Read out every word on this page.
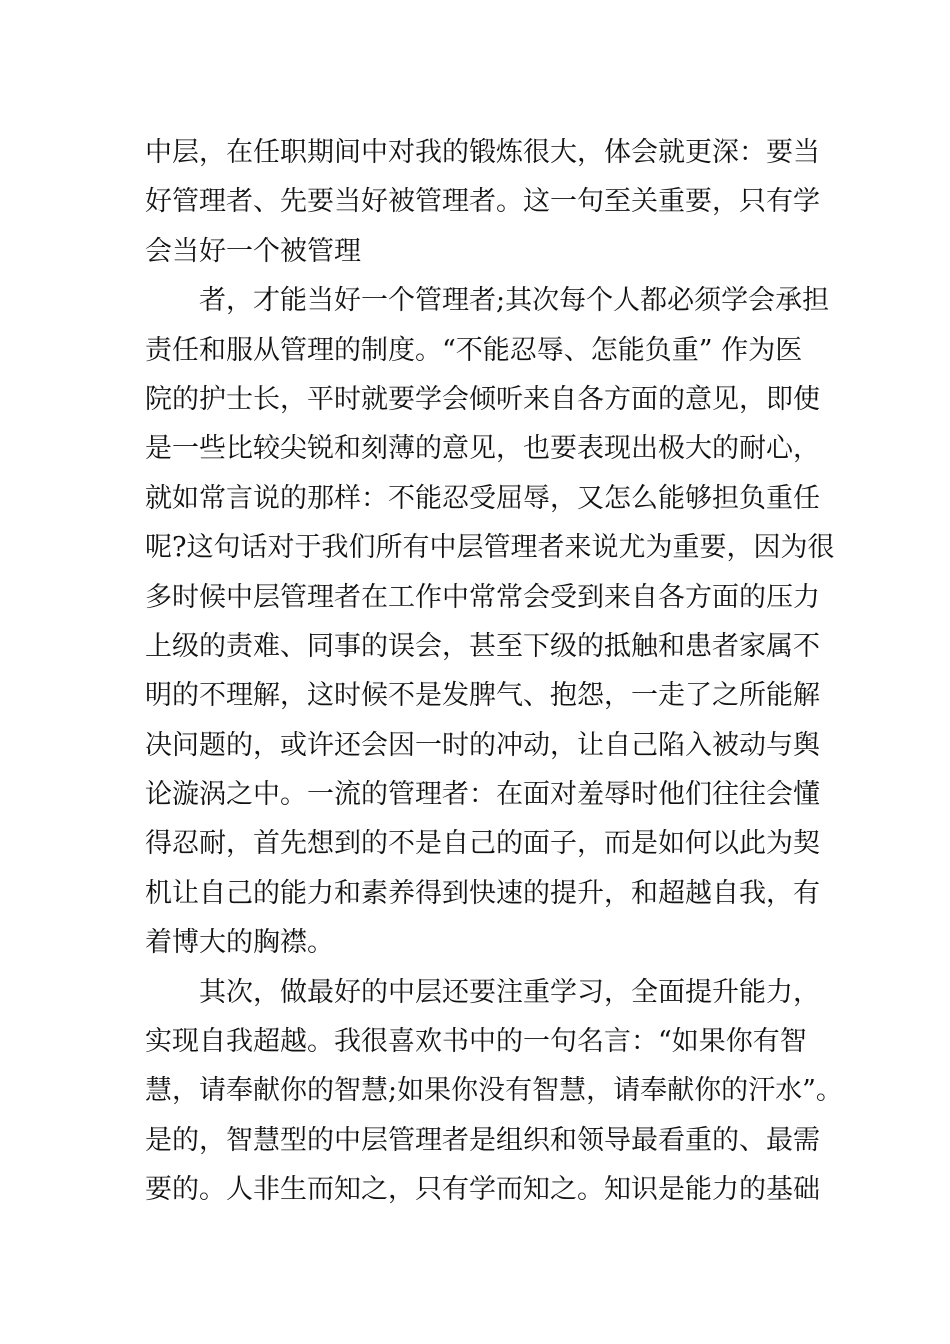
中层，在任职期间中对我的锻炼很大，体会就更深：要当
好管理者、先要当好被管理者。这一句至关重要，只有学
会当好一个被管理
者，才能当好一个管理者;其次每个人都必须学会承担
责任和服从管理的制度。“不能忍辱、怎能负重” 作为医
院的护士长，平时就要学会倾听来自各方面的意见，即使
是一些比较尖锐和刻薄的意见，也要表现出极大的耐心，
就如常言说的那样：不能忍受屈辱，又怎么能够担负重任
呢?这句话对于我们所有中层管理者来说尤为重要，因为很
多时候中层管理者在工作中常常会受到来自各方面的压力
上级的责难、同事的误会，甚至下级的抵触和患者家属不
明的不理解，这时候不是发脾气、抱怨，一走了之所能解
决问题的，或许还会因一时的冲动，让自己陷入被动与舆
论漩涡之中。一流的管理者：在面对羞辱时他们往往会懂
得忍耐，首先想到的不是自己的面子，而是如何以此为契
机让自己的能力和素养得到快速的提升，和超越自我，有
着博大的胸襟。
其次，做最好的中层还要注重学习，全面提升能力，
实现自我超越。我很喜欢书中的一句名言：“如果你有智
慧，请奉献你的智慧;如果你没有智慧，请奉献你的汗水”。
是的，智慧型的中层管理者是组织和领导最看重的、最需
要的。人非生而知之，只有学而知之。知识是能力的基础
